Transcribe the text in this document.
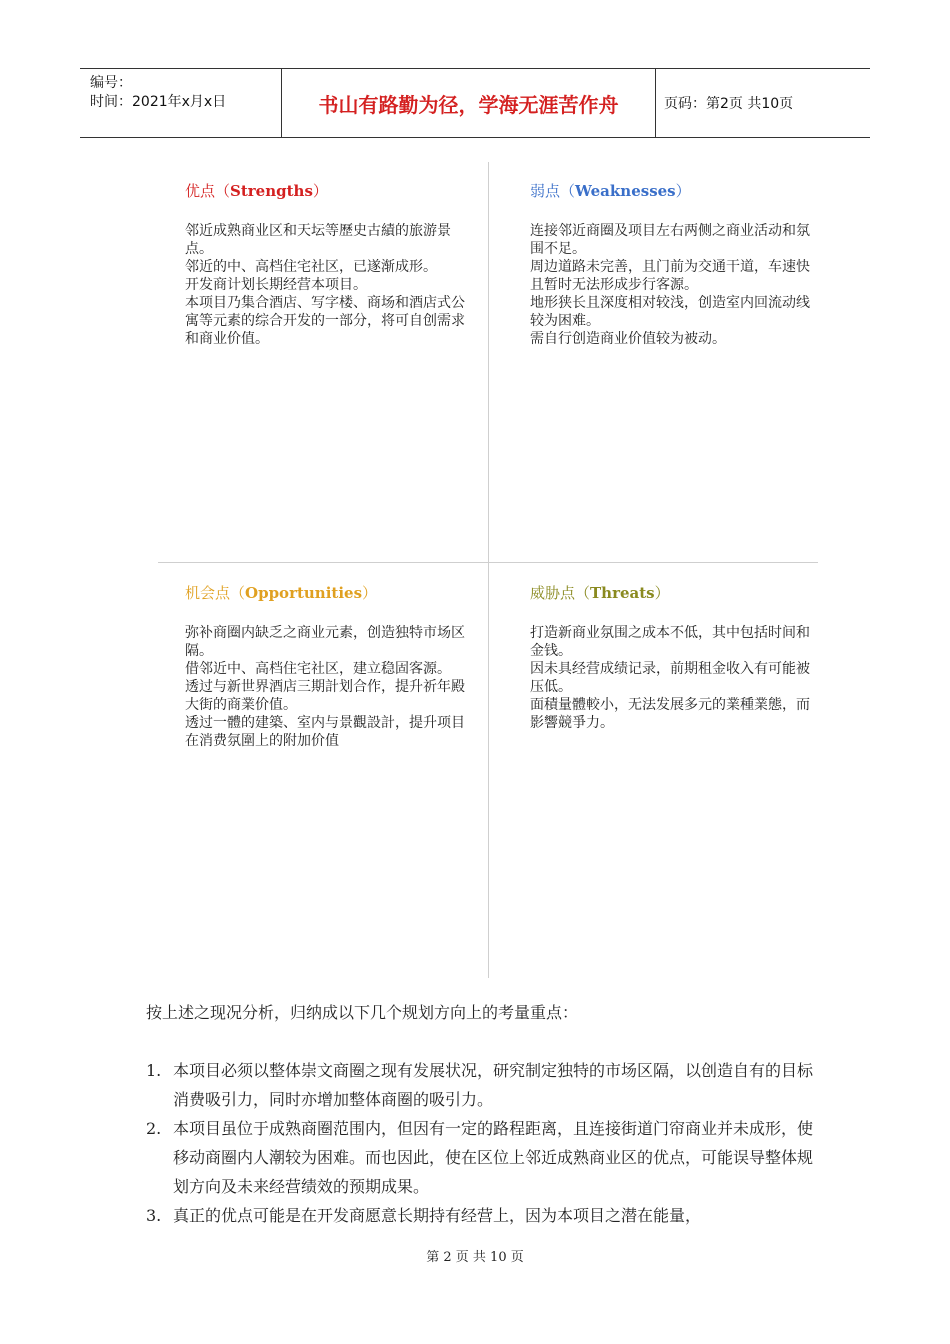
编号：
时间：2021年x月x日	书山有路勤为径，学海无涯苦作舟	页码：第2页 共10页
优点（Strengths）

邻近成熟商业区和天坛等歷史古績的旅游景点。

邻近的中、高档住宅社区，已遂渐成形。

开发商计划长期经营本项目。

本项目乃集合酒店、写字楼、商场和酒店式公寓等元素的综合开发的一部分，将可自创需求和商业价值。

弱点（Weaknesses）

连接邻近商圈及项目左右两侧之商业活动和氛围不足。

周边道路未完善，且门前为交通干道，车速快且暂时无法形成步行客源。

地形狭长且深度相对较浅，创造室内回流动线较为困难。

需自行创造商业价值较为被动。

机会点（Opportunities）

弥补商圈内缺乏之商业元素，创造独特市场区隔。

借邻近中、高档住宅社区，建立稳固客源。

透过与新世界酒店三期計划合作，提升祈年殿大街的商業价值。

透过一體的建築、室内与景觀設計，提升项目在消费氛圍上的附加价值

威胁点（Threats）

打造新商业氛围之成本不低，其中包括时间和金钱。

因未具经营成绩记录，前期租金收入有可能被压低。

面積量體較小，无法发展多元的業種業態，而影響競爭力。

按上述之现况分析，归纳成以下几个规划方向上的考量重点：
1. 本项目必须以整体崇文商圈之现有发展状况，研究制定独特的市场区隔，以创造自有的目标消费吸引力，同时亦增加整体商圈的吸引力。
2. 本项目虽位于成熟商圈范围内，但因有一定的路程距离，且连接街道门帘商业并未成形，使移动商圈内人潮较为困难。而也因此，使在区位上邻近成熟商业区的优点，可能误导整体规划方向及未来经营绩效的预期成果。
3. 真正的优点可能是在开发商愿意长期持有经营上，因为本项目之潜在能量，
第 2 页 共 10 页
